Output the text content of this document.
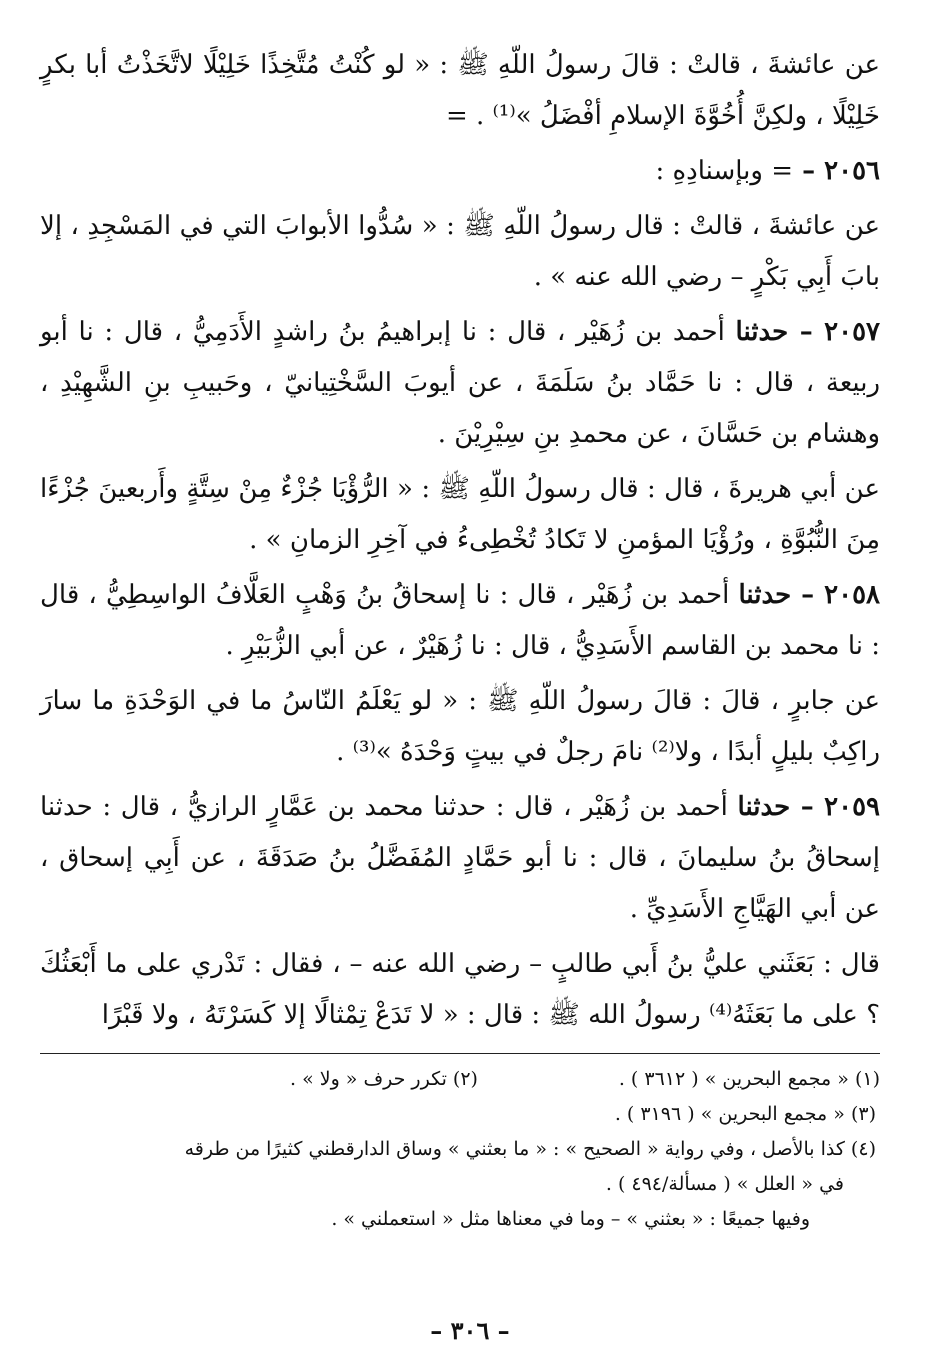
عن عائشةَ ، قالتْ : قالَ رسولُ اللّهِ ﷺ : « لو كُنْتُ مُتَّخِذًا خَلِيْلًا لاتَّخَذْتُ أبا بكرٍ خَلِيْلًا ، ولكِنَّ أُخُوَّةَ الإسلامِ أفْضَلُ »⁽¹⁾ . =

٢٠٥٦ – = وبإسنادِهِ :

عن عائشةَ ، قالتْ : قال رسولُ اللّهِ ﷺ : « سُدُّوا الأبوابَ التي في المَسْجِدِ ، إلا بابَ أَبِي بَكْرٍ – رضي الله عنه » .

٢٠٥٧ – حدثنا أحمد بن زُهَيْر ، قال : نا إبراهيمُ بنُ راشدٍ الأَدَمِيُّ ، قال : نا أبو ربيعة ، قال : نا حَمَّاد بنُ سَلَمَةَ ، عن أيوبَ السَّخْتِيانيّ ، وحَبيبِ بنِ الشَّهِيْدِ ، وهشام بن حَسَّانَ ، عن محمدِ بنِ سِيْرِيْنَ .

عن أبي هريرةَ ، قال : قال رسولُ اللّهِ ﷺ : « الرُّؤْيَا جُزْءٌ مِنْ سِتَّةٍ وأَربعينَ جُزْءًا مِنَ النُّبُوَّةِ ، ورُؤْيَا المؤمنِ لا تَكادُ تُخْطِىءُ في آخِرِ الزمانِ » .

٢٠٥٨ – حدثنا أحمد بن زُهَيْر ، قال : نا إسحاقُ بنُ وَهْبٍ العَلَّافُ الواسِطِيُّ ، قال : نا محمد بن القاسم الأَسَدِيُّ ، قال : نا زُهَيْرٌ ، عن أبي الزُّبَيْرِ .

عن جابرٍ ، قالَ : قالَ رسولُ اللّهِ ﷺ : « لو يَعْلَمُ النّاسُ ما في الوَحْدَةِ ما سارَ راكِبٌ بليلٍ أبدًا ، ولا⁽²⁾ نامَ رجلٌ في بيتٍ وَحْدَهُ »⁽³⁾ .

٢٠٥٩ – حدثنا أحمد بن زُهَيْر ، قال : حدثنا محمد بن عَمَّارٍ الرازيُّ ، قال : حدثنا إسحاقُ بنُ سليمانَ ، قال : نا أبو حَمَّادٍ المُفَضَّلُ بنُ صَدَقَةَ ، عن أَبِي إسحاق ، عن أبي الهَيَّاجِ الأَسَدِيِّ .

قال : بَعَثَني عليُّ بنُ أَبي طالبٍ – رضي الله عنه – ، فقال : تَدْري على ما أَبْعَثُكَ ؟ على ما بَعَثَهُ⁽⁴⁾ رسولُ الله ﷺ : قال : « لا تَدَعْ تِمْثالًا إلا كَسَرْتَهُ ، ولا قَبْرًا

(١) « مجمع البحرين » ( ٣٦١٢ ) .
(٢) تكرر حرف « ولا » .

(٣) « مجمع البحرين » ( ٣١٩٦ ) .

(٤) كذا بالأصل ، وفي رواية « الصحيح » : « ما بعثني » وساق الدارقطني كثيرًا من طرقه

في « العلل » ( مسألة/٤٩٤ ) .

وفيها جميعًا : « بعثني » – وما في معناها مثل « استعملني » .

– ٣٠٦ –
